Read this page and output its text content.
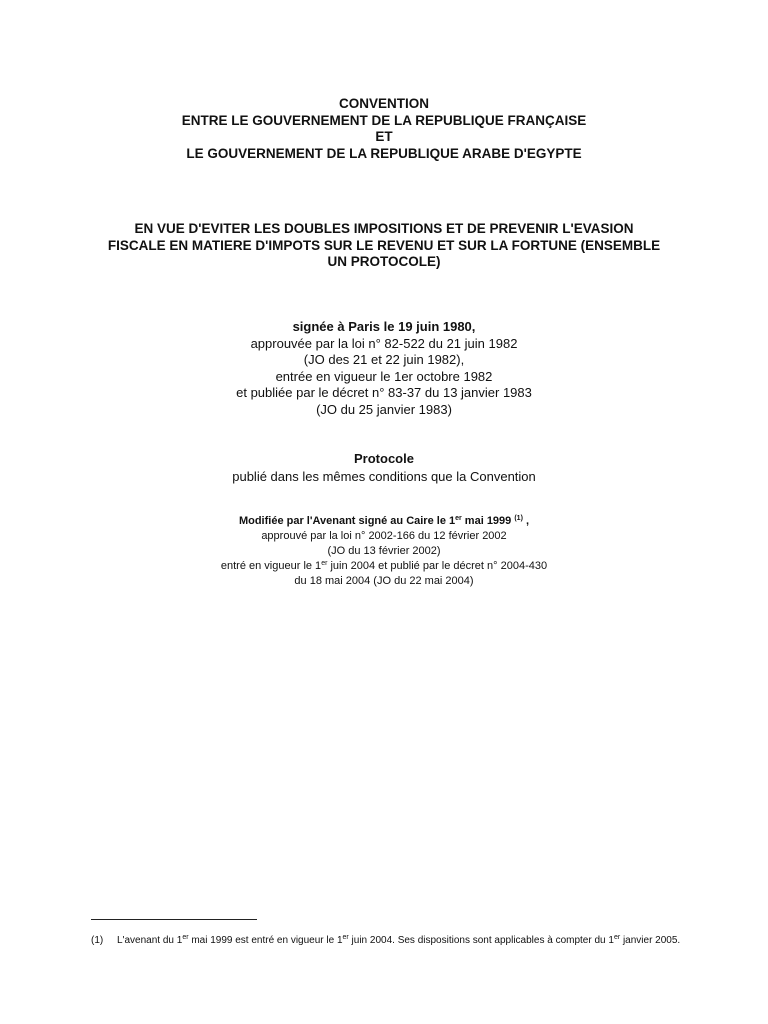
CONVENTION
ENTRE LE GOUVERNEMENT DE LA REPUBLIQUE FRANÇAISE
ET
LE GOUVERNEMENT DE LA REPUBLIQUE ARABE D'EGYPTE
EN VUE D'EVITER LES DOUBLES IMPOSITIONS ET DE PREVENIR L'EVASION
FISCALE EN MATIERE D'IMPOTS SUR LE REVENU ET SUR LA FORTUNE (ENSEMBLE
UN PROTOCOLE)
signée à Paris le 19 juin 1980,
approuvée par la loi n° 82-522 du 21 juin 1982
(JO des 21 et 22 juin 1982),
entrée en vigueur le 1er octobre 1982
et publiée par le décret n° 83-37 du 13 janvier 1983
(JO du 25 janvier 1983)
Protocole
publié dans les mêmes conditions que la Convention
Modifiée par l'Avenant signé au Caire le 1er mai 1999 $^{(1)}$ ,
approuvé par la loi n° 2002-166 du 12 février 2002
(JO du 13 février 2002)
entré en vigueur le 1er juin 2004 et publié par le décret n° 2004-430
du 18 mai 2004 (JO du 22 mai 2004)
(1) L'avenant du 1er mai 1999 est entré en vigueur le 1er juin 2004. Ses dispositions sont applicables à compter du 1er janvier 2005.
